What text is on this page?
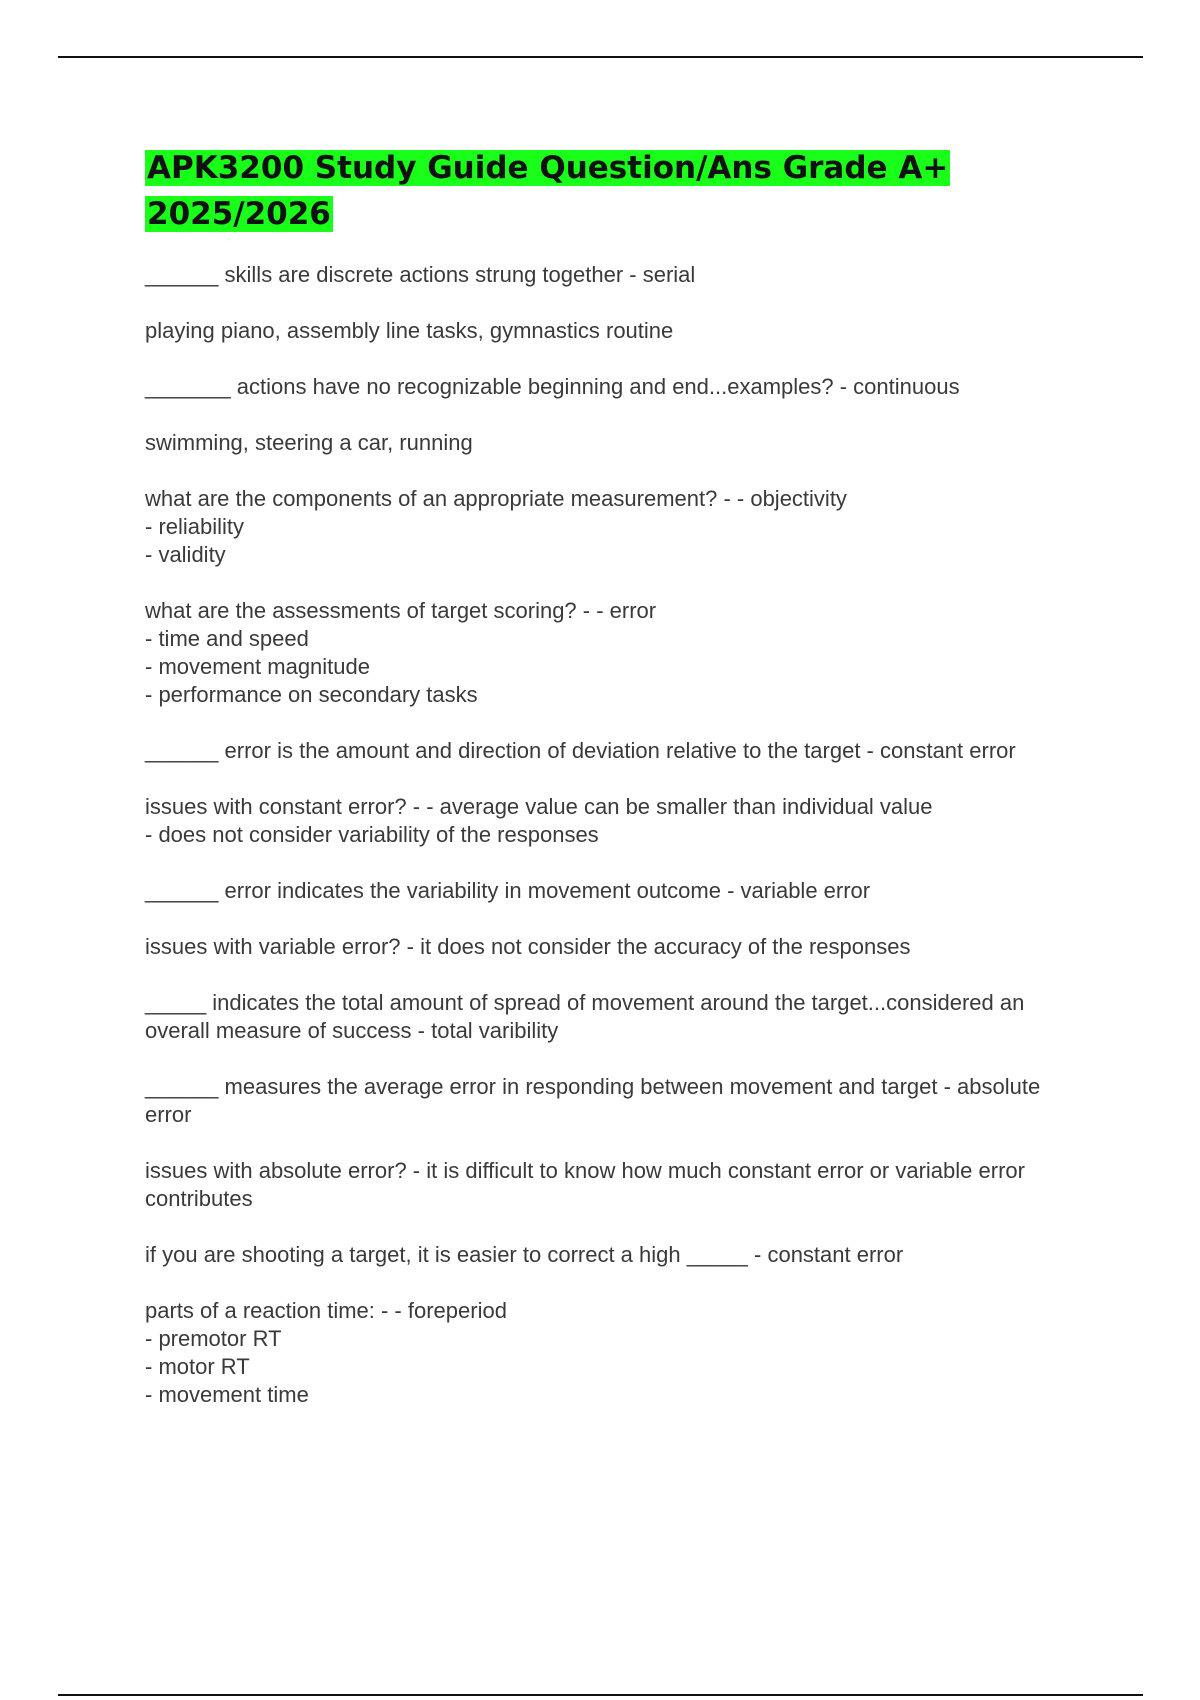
APK3200 Study Guide Question/Ans Grade A+
2025/2026

______ skills are discrete actions strung together - serial

playing piano, assembly line tasks, gymnastics routine

_______ actions have no recognizable beginning and end...examples? - continuous

swimming, steering a car, running

what are the components of an appropriate measurement? - - objectivity
- reliability
- validity

what are the assessments of target scoring? - - error
- time and speed
- movement magnitude
- performance on secondary tasks

______ error is the amount and direction of deviation relative to the target - constant error

issues with constant error? - - average value can be smaller than individual value
- does not consider variability of the responses

______ error indicates the variability in movement outcome - variable error

issues with variable error? - it does not consider the accuracy of the responses

_____ indicates the total amount of spread of movement around the target...considered an overall measure of success - total varibility

______ measures the average error in responding between movement and target - absolute error

issues with absolute error? - it is difficult to know how much constant error or variable error contributes

if you are shooting a target, it is easier to correct a high _____ - constant error

parts of a reaction time: - - foreperiod
- premotor RT
- motor RT
- movement time
